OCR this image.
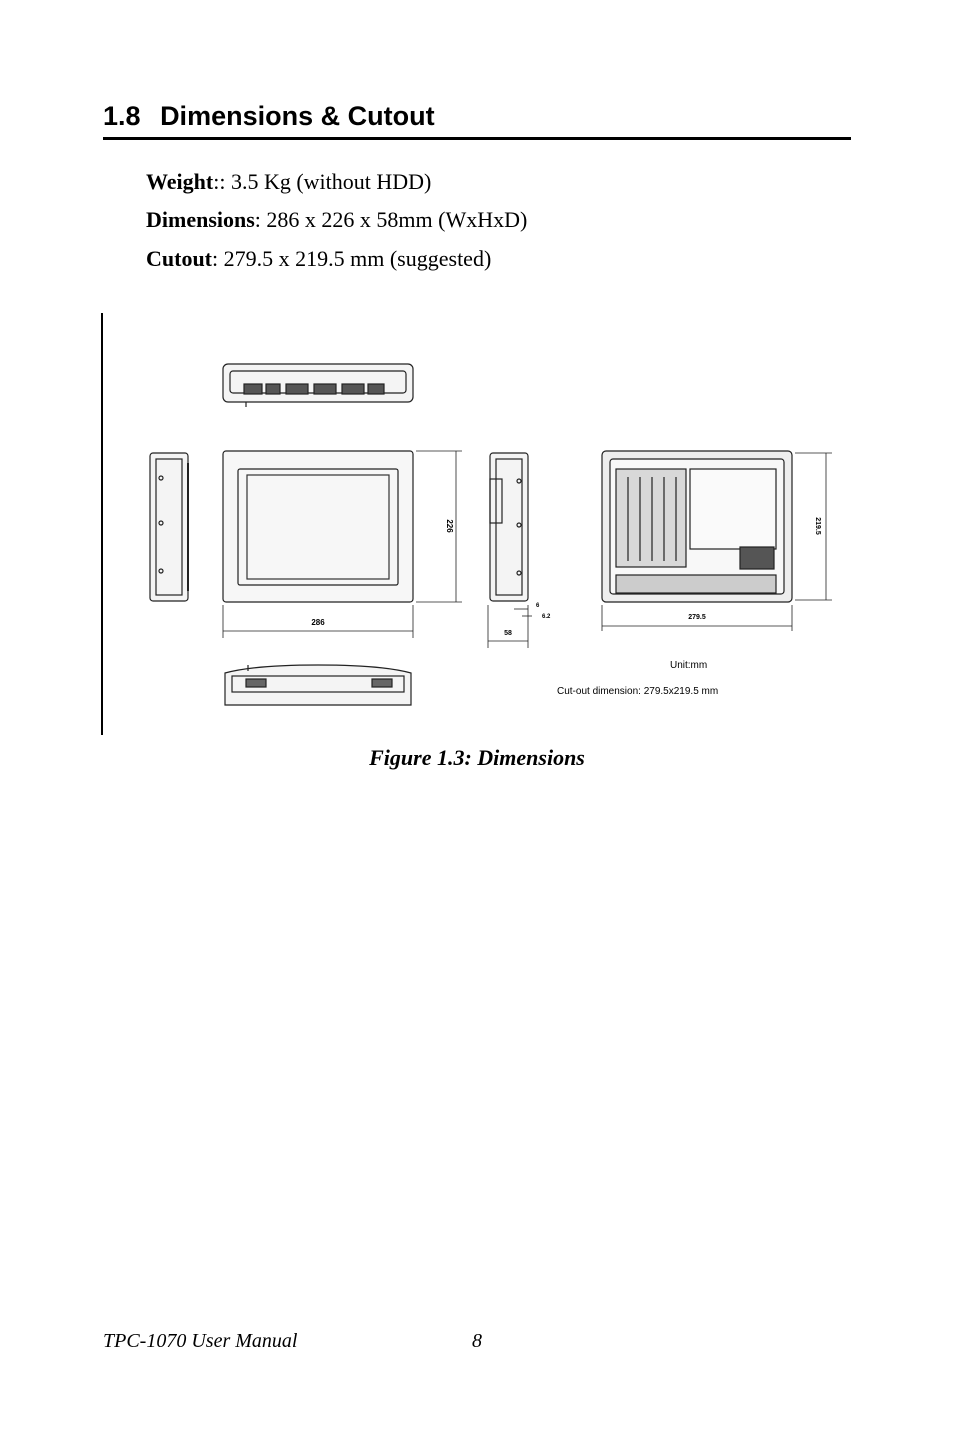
1.8 Dimensions & Cutout
Weight:: 3.5 Kg (without HDD)
Dimensions: 286 x 226 x 58mm (WxHxD)
Cutout: 279.5 x 219.5 mm (suggested)
286
226
58
6
6.2	279.5
219.5
Unit:mm
Cut-out dimension: 279.5x219.5 mm
Figure 1.3: Dimensions
TPC-1070 User Manual	8
